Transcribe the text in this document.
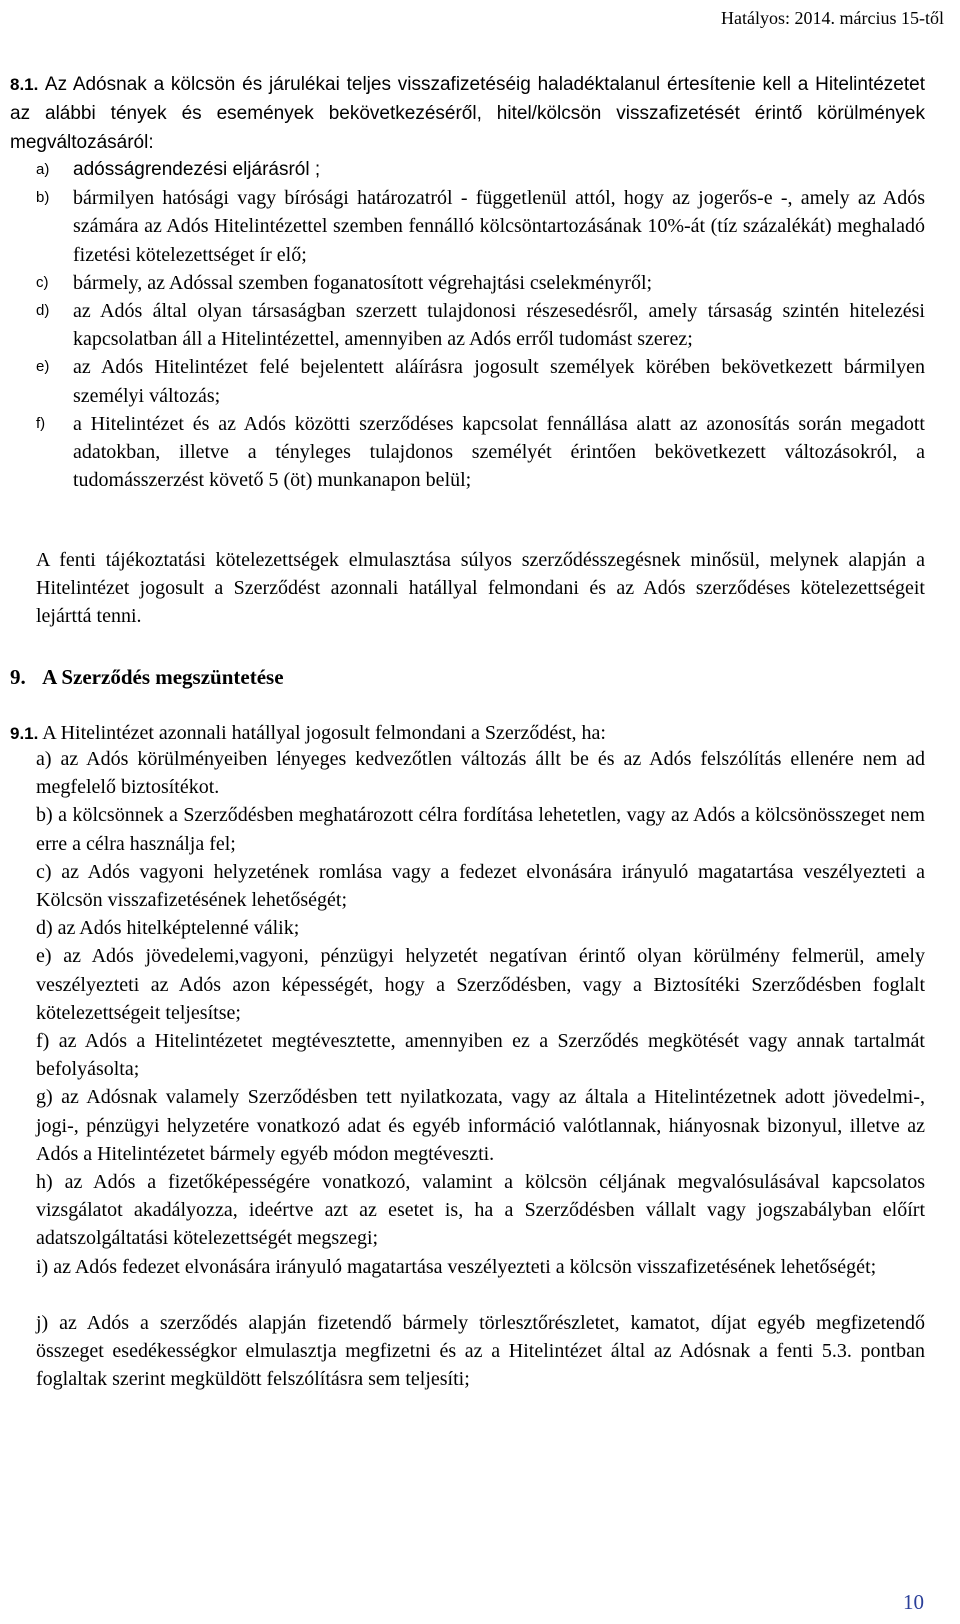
Hatályos: 2014. március 15-től

8.1. Az Adósnak a kölcsön és járulékai teljes visszafizetéséig haladéktalanul értesítenie kell a Hitelintézetet az alábbi tények és események bekövetkezéséről, hitel/kölcsön visszafizetését érintő körülmények megváltozásáról:

a)	adósságrendezési eljárásról ;
b)	bármilyen hatósági vagy bírósági határozatról - függetlenül attól, hogy az jogerős-e -, amely az Adós számára az Adós Hitelintézettel szemben fennálló kölcsöntartozásának 10%-át (tíz százalékát) meghaladó fizetési kötelezettséget ír elő;
c)	bármely, az Adóssal szemben foganatosított végrehajtási cselekményről;
d)	az Adós által olyan társaságban szerzett tulajdonosi részesedésről, amely társaság szintén hitelezési kapcsolatban áll a Hitelintézettel, amennyiben az Adós erről tudomást szerez;
e)	az Adós Hitelintézet felé bejelentett aláírásra jogosult személyek körében bekövetkezett bármilyen személyi változás;
f)	a Hitelintézet és az Adós közötti szerződéses kapcsolat fennállása alatt az azonosítás során megadott adatokban, illetve a tényleges tulajdonos személyét érintően bekövetkezett változásokról, a tudomásszerzést követő 5 (öt) munkanapon belül;

A fenti tájékoztatási kötelezettségek elmulasztása súlyos szerződésszegésnek minősül, melynek alapján a Hitelintézet jogosult a Szerződést azonnali hatállyal felmondani és az Adós szerződéses kötelezettségeit lejárttá tenni.

9. A Szerződés megszüntetése

9.1. A Hitelintézet azonnali hatállyal jogosult felmondani a Szerződést, ha:

a) az Adós körülményeiben lényeges kedvezőtlen változás állt be és az Adós felszólítás ellenére nem ad megfelelő biztosítékot.

b) a kölcsönnek a Szerződésben meghatározott célra fordítása lehetetlen, vagy az Adós a kölcsönösszeget nem erre a célra használja fel;

c) az Adós vagyoni helyzetének romlása vagy a fedezet elvonására irányuló magatartása veszélyezteti a Kölcsön visszafizetésének lehetőségét;

d) az Adós hitelképtelenné válik;

e) az Adós jövedelemi,vagyoni, pénzügyi helyzetét negatívan érintő olyan körülmény felmerül, amely veszélyezteti az Adós azon képességét, hogy a Szerződésben, vagy a Biztosítéki Szerződésben foglalt kötelezettségeit teljesítse;

f) az Adós a Hitelintézetet megtévesztette, amennyiben ez a Szerződés megkötését vagy annak tartalmát befolyásolta;

g) az Adósnak valamely Szerződésben tett nyilatkozata, vagy az általa a Hitelintézetnek adott jövedelmi-, jogi-, pénzügyi helyzetére vonatkozó adat és egyéb információ valótlannak, hiányosnak bizonyul, illetve az Adós a Hitelintézetet bármely egyéb módon megtéveszti.

h) az Adós a fizetőképességére vonatkozó, valamint a kölcsön céljának megvalósulásával kapcsolatos vizsgálatot akadályozza, ideértve azt az esetet is, ha a Szerződésben vállalt vagy jogszabályban előírt adatszolgáltatási kötelezettségét megszegi;

i) az Adós fedezet elvonására irányuló magatartása veszélyezteti a kölcsön visszafizetésének lehetőségét;

j) az Adós a szerződés alapján fizetendő bármely törlesztőrészletet, kamatot, díjat egyéb megfizetendő összeget esedékességkor elmulasztja megfizetni és az a Hitelintézet által az Adósnak a fenti 5.3. pontban foglaltak szerint megküldött felszólításra sem teljesíti;

10
